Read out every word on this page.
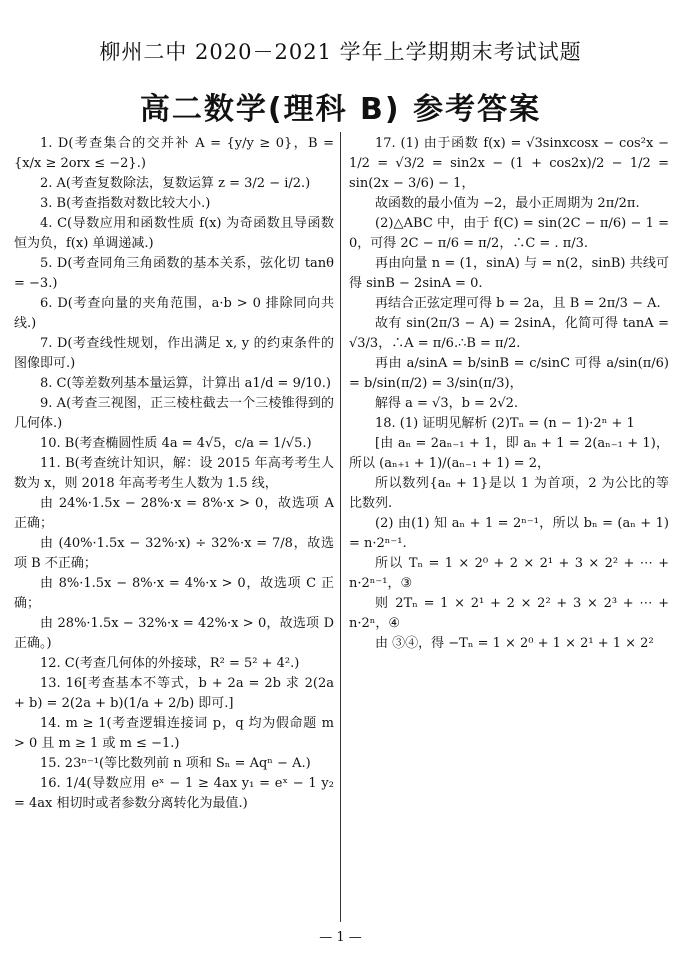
柳州二中 2020－2021 学年上学期期末考试试题
高二数学(理科 B) 参考答案

1. D(考查集合的交并补 A = {y/y ≥ 0}，B = {x/x ≥ 2orx ≤ −2}.)

2. A(考查复数除法，复数运算 z = 3/2 − i/2.)

3. B(考查指数对数比较大小.)

4. C(导数应用和函数性质 f(x) 为奇函数且导函数恒为负，f(x) 单调递减.)

5. D(考查同角三角函数的基本关系，弦化切 tanθ = −3.)

6. D(考查向量的夹角范围，a·b > 0 排除同向共线.)

7. D(考查线性规划，作出满足 x, y 的约束条件的图像即可.)

8. C(等差数列基本量运算，计算出 a1/d = 9/10.)

9. A(考查三视图，正三棱柱截去一个三棱锥得到的几何体.)

10. B(考查椭圆性质 4a = 4√5，c/a = 1/√5.)

11. B(考查统计知识，解：设 2015 年高考考生人数为 x，则 2018 年高考考生人数为 1.5 线，

由 24%·1.5x − 28%·x = 8%·x > 0，故选项 A 正确；

由 (40%·1.5x − 32%·x) ÷ 32%·x = 7/8，故选项 B 不正确；

由 8%·1.5x − 8%·x = 4%·x > 0，故选项 C 正确；

由 28%·1.5x − 32%·x = 42%·x > 0，故选项 D 正确。)

12. C(考查几何体的外接球，R² = 5² + 4².)

13. 16[考查基本不等式，b + 2a = 2b 求 2(2a + b) = 2(2a + b)(1/a + 2/b) 即可.]

14. m ≥ 1(考查逻辑连接词 p，q 均为假命题 m > 0 且 m ≥ 1 或 m ≤ −1.)

15. 23ⁿ⁻¹(等比数列前 n 项和 Sₙ = Aqⁿ − A.)

16. 1/4(导数应用 eˣ − 1 ≥ 4ax y₁ = eˣ − 1 y₂ = 4ax 相切时或者参数分离转化为最值.)

17. (1) 由于函数 f(x) = √3sinxcosx − cos²x − 1/2 = √3/2 = sin2x − (1 + cos2x)/2 − 1/2 = sin(2x − 3/6) − 1，

故函数的最小值为 −2，最小正周期为 2π/2π.

(2)△ABC 中，由于 f(C) = sin(2C − π/6) − 1 = 0，可得 2C − π/6 = π/2，∴C = . π/3.

再由向量 n = (1，sinA) 与 = n(2，sinB) 共线可得 sinB − 2sinA = 0.

再结合正弦定理可得 b = 2a，且 B = 2π/3 − A.

故有 sin(2π/3 − A) = 2sinA，化简可得 tanA = √3/3，∴A = π/6.∴B = π/2.

再由 a/sinA = b/sinB = c/sinC 可得 a/sin(π/6) = b/sin(π/2) = 3/sin(π/3)，

解得 a = √3，b = 2√2.

18. (1) 证明见解析 (2)Tₙ = (n − 1)·2ⁿ + 1

[由 aₙ = 2aₙ₋₁ + 1，即 aₙ + 1 = 2(aₙ₋₁ + 1)，所以 (aₙ₊₁ + 1)/(aₙ₋₁ + 1) = 2，

所以数列{aₙ + 1}是以 1 为首项，2 为公比的等比数列.

(2) 由(1) 知 aₙ + 1 = 2ⁿ⁻¹，所以 bₙ = (aₙ + 1) = n·2ⁿ⁻¹.

所以 Tₙ = 1 × 2⁰ + 2 × 2¹ + 3 × 2² + ⋯ + n·2ⁿ⁻¹，③

则 2Tₙ = 1 × 2¹ + 2 × 2² + 3 × 2³ + ⋯ + n·2ⁿ，④

由 ③④，得 −Tₙ = 1 × 2⁰ + 1 × 2¹ + 1 × 2²

— 1 —
